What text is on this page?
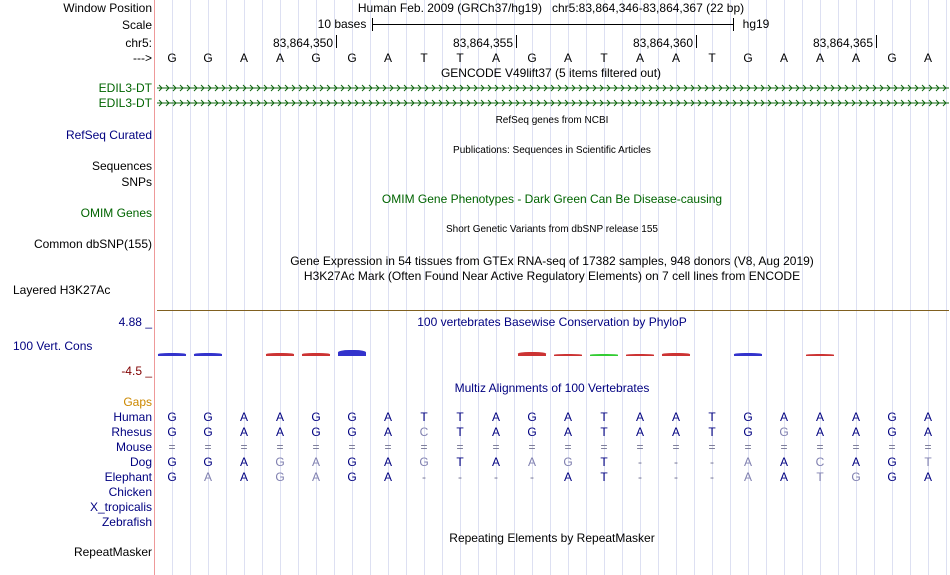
Window Position	Human Feb. 2009 (GRCh37/hg19)   chr5:83,864,346-83,864,367 (22 bp)
Scale	10 bases	hg19
chr5:	83,864,350	83,864,355	83,864,360	83,864,365
---> G G A A G G A T T A G A T A A T G A A A G A
GENCODE V49lift37 (5 items filtered out)
EDIL3-DT
EDIL3-DT
RefSeq genes from NCBI
RefSeq Curated
Publications: Sequences in Scientific Articles
Sequences
SNPs
OMIM Gene Phenotypes - Dark Green Can Be Disease-causing
OMIM Genes
Short Genetic Variants from dbSNP release 155
Common dbSNP(155)
Gene Expression in 54 tissues from GTEx RNA-seq of 17382 samples, 948 donors (V8, Aug 2019)
H3K27Ac Mark (Often Found Near Active Regulatory Elements) on 7 cell lines from ENCODE
Layered H3K27Ac
4.88 _	100 vertebrates Basewise Conservation by PhyloP
100 Vert. Cons
-4.5 _
Multiz Alignments of 100 Vertebrates
Gaps
Human G G A A G G A T T A G A T A A T G A A A G A
Rhesus G G A A G G A C T A G A T A A T G G A A G A
Mouse = = = = = = = = = = = = = = = = = = = = = =
Dog G G A G A G A G T A A G T	-	-	-	A A C A G T
Elephant G A A G A G A	-	-	-	-	A T	-	-	-	A A T G G A
Chicken
X_tropicalis
Zebrafish
Repeating Elements by RepeatMasker
RepeatMasker
